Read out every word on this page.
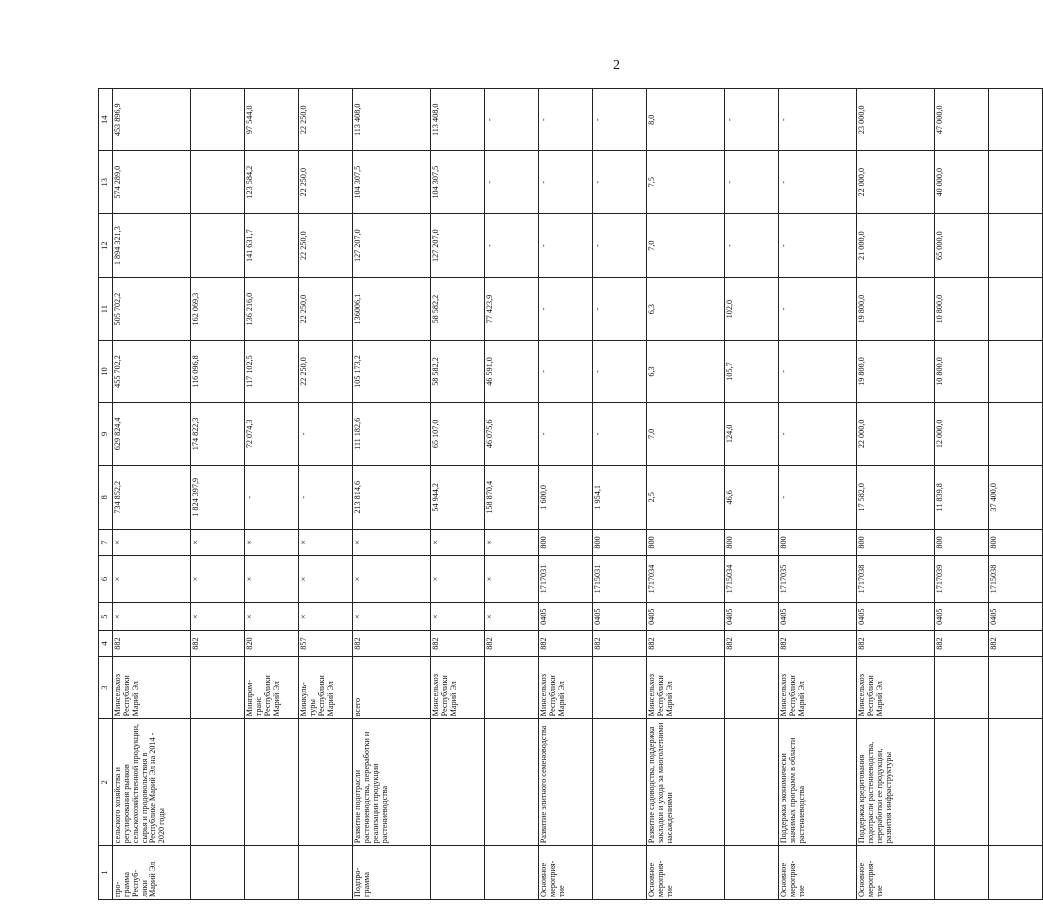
2
1	2	3	4	5	6	7	8	9	10	11	12	13	14
про-
грамма
Респуб-
лики
Марий Эл	сельского хозяйства и регулирования рынков сельскохозяйственной продукции, сырья и продовольствия в Республике Марий Эл на 2014 - 2020 годы	Минсельхоз Республики Марий Эл	882	×	×	×	734 852,2	629 824,4	455 702,2	505 702,2	1 894 321,3	574 289,0	453 896,9
			882	×	×	×	1 824 397,9	174 822,3	116 096,8	162 069,3			
		Минпром-
транс
Республики
Марий Эл	820	×	×	×	-	72 074,3	117 102,5	136 216,0	141 631,7	123 584,2	97 544,0
		Минкуль-
туры
Республики
Марий Эл	857	×	×	×	-	-	22 250,0	22 250,0	22 250,0	22 250,0	22 250,0
Подпро-
грамма	Развитие подотрасли растениеводства, переработки и реализации продукции растениеводства	всего	882	×	×	×	213 814,6	111 182,6	105 173,2	136006,1	127 207,0	104 307,5	113 408,0
		Минсельхоз
Республики
Марий Эл	882	×	×	×	54 944,2	65 107,0	58 582,2	58 582,2	127 207,0	104 307,5	113 408,0
			882	×	×	×	158 870,4	46 075,6	46 591,0	77 423,9	-	-	-
Основное
мероприя-
тие	Развитие элитного семеноводства	Минсельхоз
Республики
Марий Эл	882	0405	1717031	800	1 600,0	-	-	-	-	-	-
			882	0405	1715031	800	1 954,1	-	-	-	-	-	-
Основное
мероприя-
тие	Развитие садоводства, поддержка закладки и ухода за многолетними насаждениями	Минсельхоз
Республики
Марий Эл	882	0405	1717034	800	2,5	7,0	6,3	6,3	7,0	7,5	8,0
			882	0405	1715034	800	46,6	124,0	105,7	102,0	-	-	-
Основное
мероприя-
тие	Поддержка экономически значимых программ в области растениеводства	Минсельхоз
Республики
Марий Эл	882	0405	1717035	800	-	-	-	-	-	-	-
Основное
мероприя-
тие	Поддержка кредитования подотрасли растениеводства, переработки ее продукции, развития инфраструктуры	Минсельхоз
Республики
Марий Эл	882	0405	1717038	800	17 582,0	22 000,0	19 800,0	19 800,0	21 000,0	22 000,0	23 000,0
			882	0405	1717039	800	11 839,8	12 000,0	10 800,0	10 800,0	65 000,0	40 000,0	47 000,0
			882	0405	1715038	800	37 400,0						
